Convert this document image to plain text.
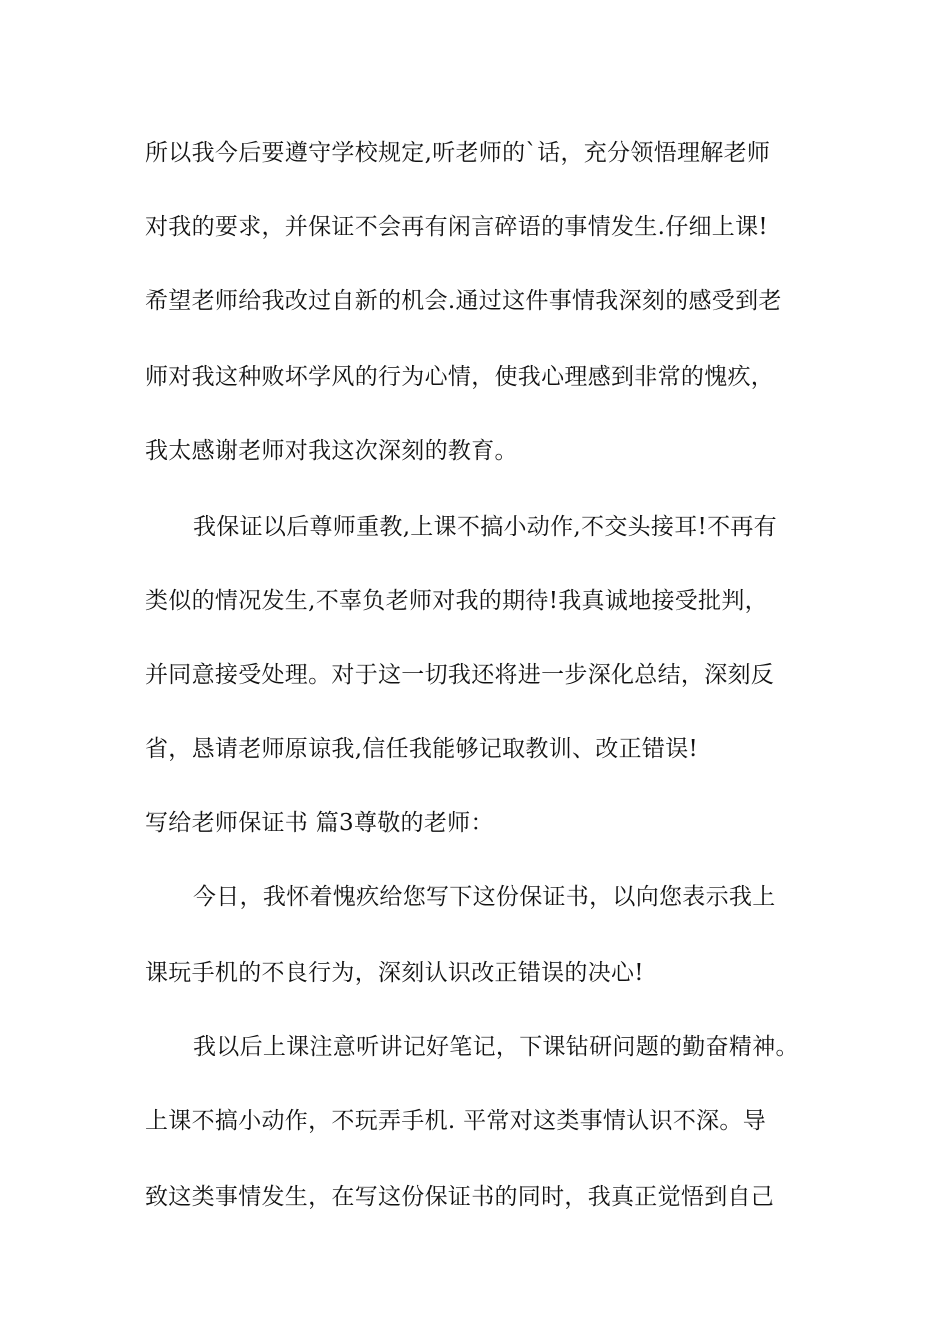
所以我今后要遵守学校规定,听老师的`话，充分领悟理解老师
对我的要求，并保证不会再有闲言碎语的事情发生.仔细上课!
希望老师给我改过自新的机会.通过这件事情我深刻的感受到老
师对我这种败坏学风的行为心情，使我心理感到非常的愧疚，
我太感谢老师对我这次深刻的教育。
我保证以后尊师重教,上课不搞小动作,不交头接耳!不再有
类似的情况发生,不辜负老师对我的期待!我真诚地接受批判，
并同意接受处理。对于这一切我还将进一步深化总结，深刻反
省，恳请老师原谅我,信任我能够记取教训、改正错误!
写给老师保证书 篇3尊敬的老师：
今日，我怀着愧疚给您写下这份保证书，以向您表示我上
课玩手机的不良行为，深刻认识改正错误的决心!
我以后上课注意听讲记好笔记，下课钻研问题的勤奋精神。
上课不搞小动作，不玩弄手机. 平常对这类事情认识不深。导
致这类事情发生，在写这份保证书的同时，我真正觉悟到自己
